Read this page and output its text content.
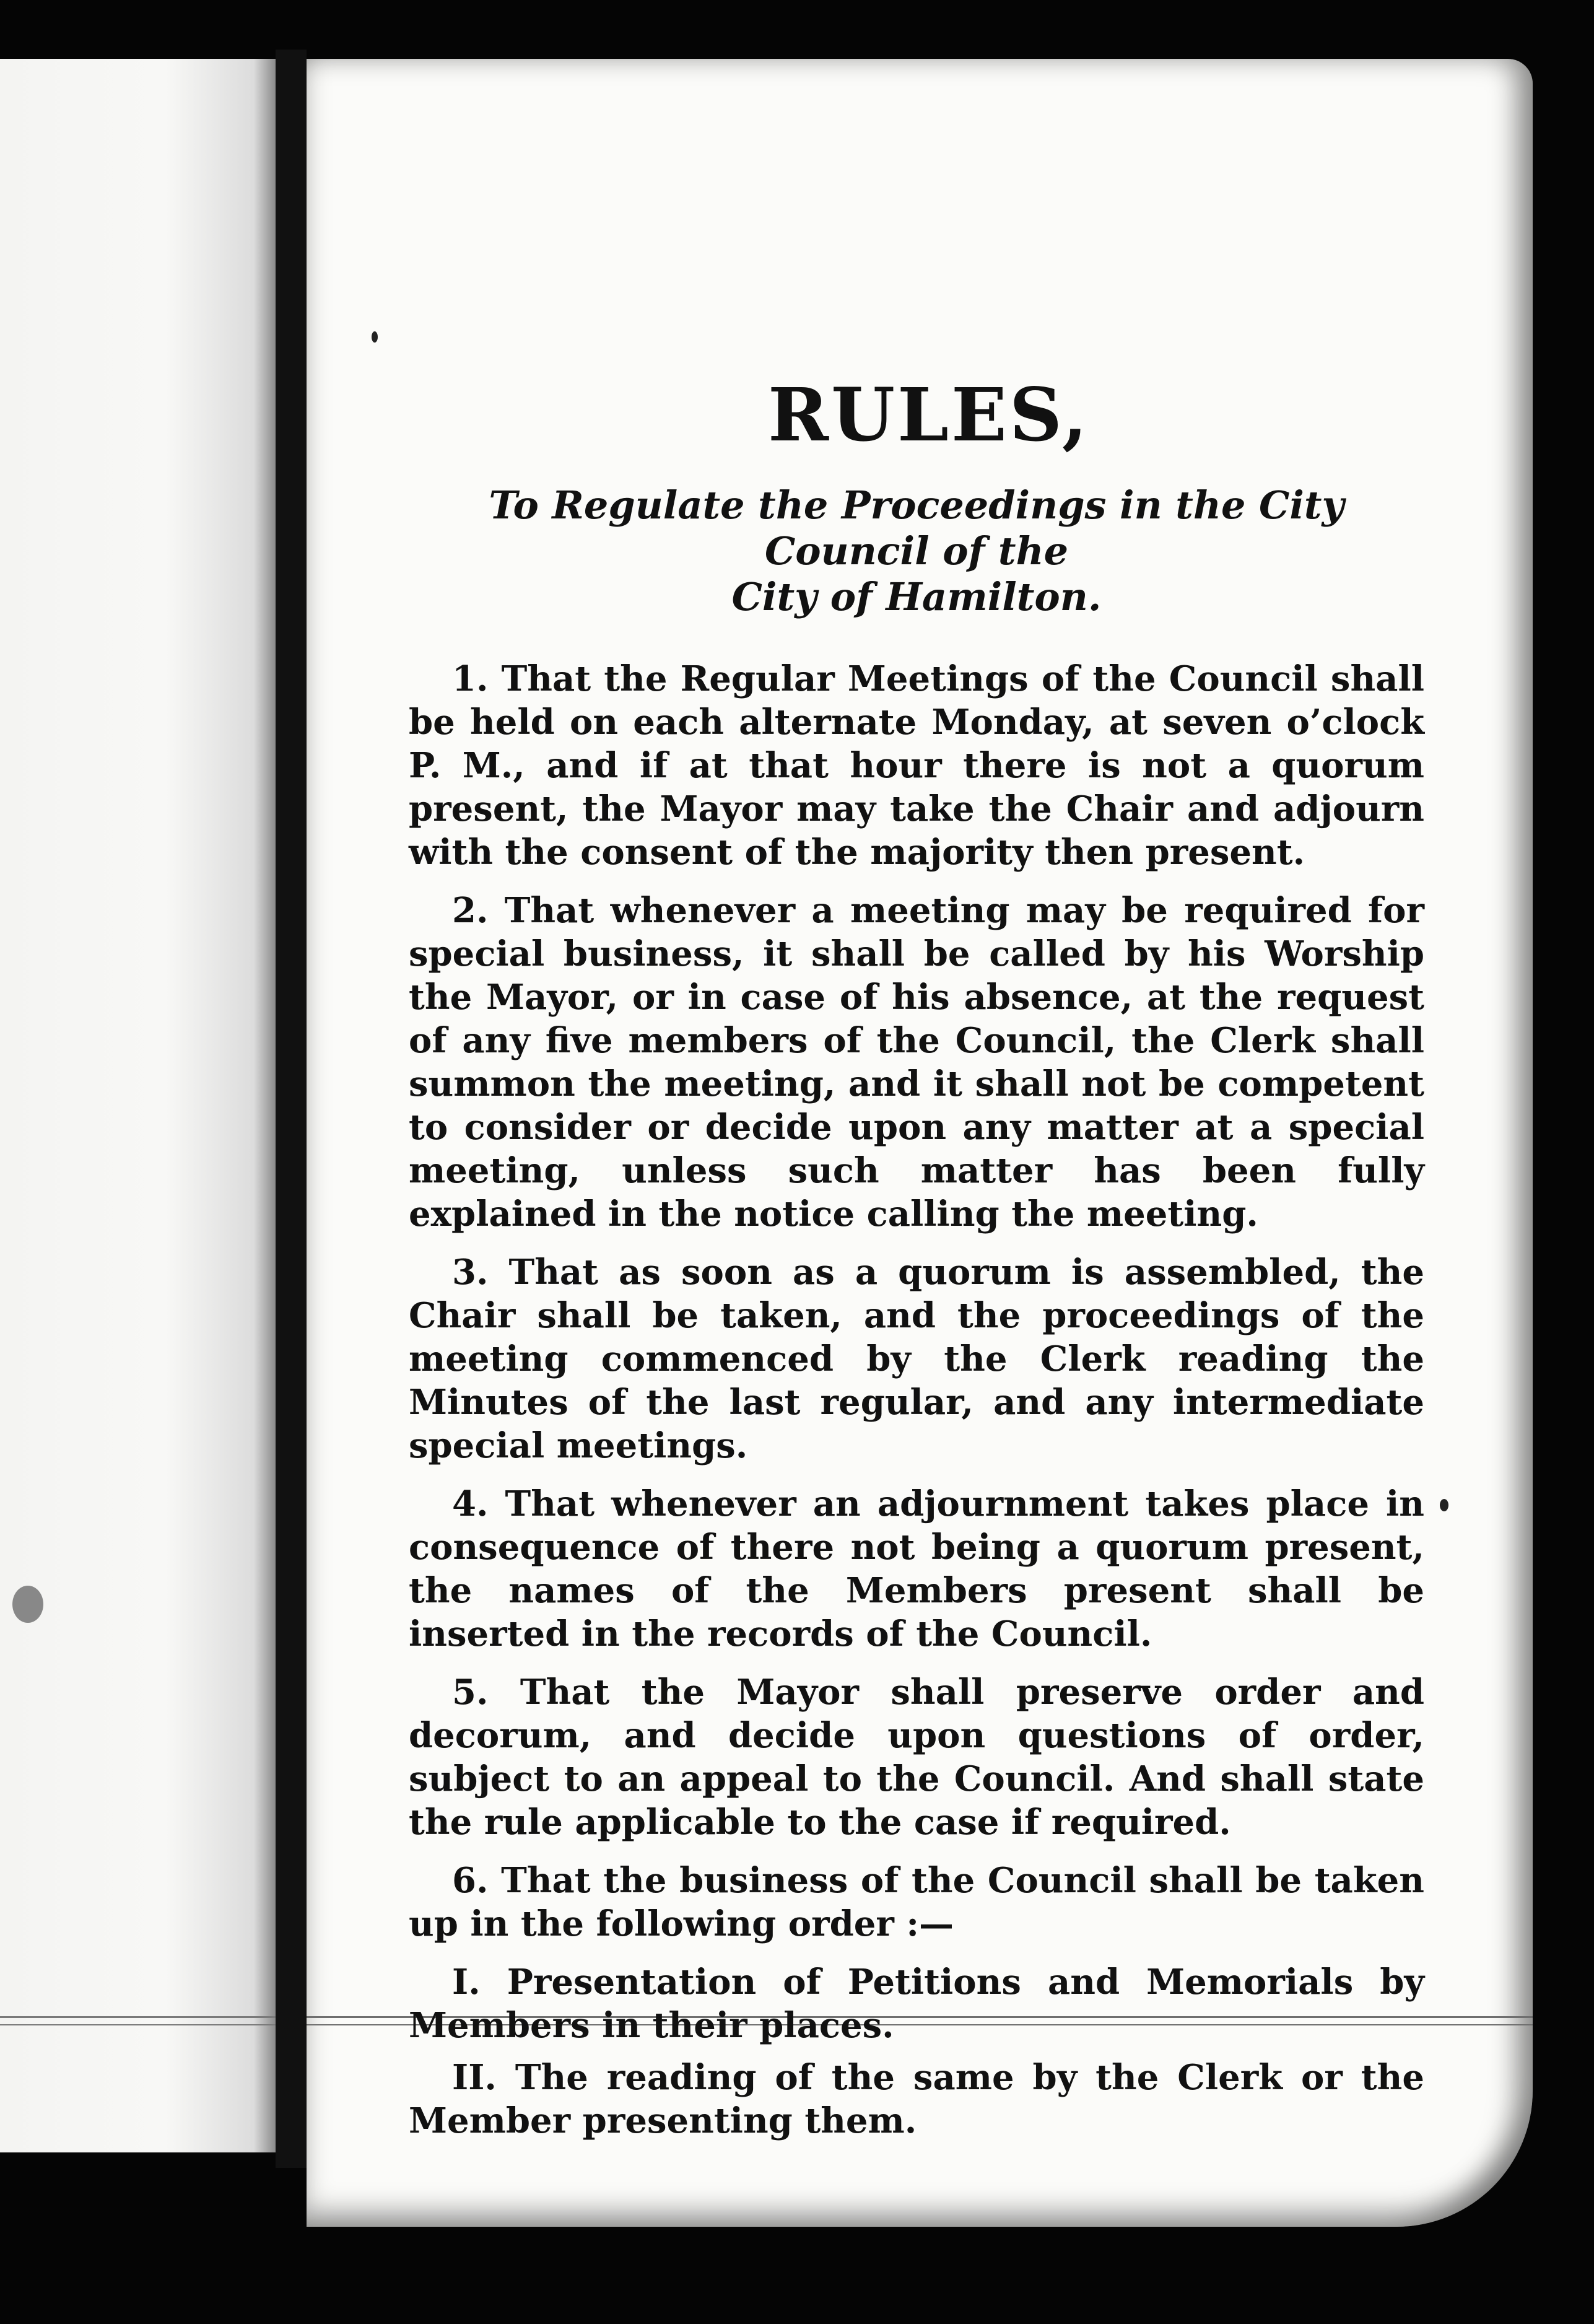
RULES,
To Regulate the Proceedings in the City Council of the
City of Hamilton.

1. That the Regular Meetings of the Council shall be held on each alternate Monday, at seven o’clock P. M., and if at that hour there is not a quorum present, the Mayor may take the Chair and adjourn with the consent of the majority then present.

2. That whenever a meeting may be required for special business, it shall be called by his Worship the Mayor, or in case of his absence, at the request of any five members of the Council, the Clerk shall summon the meeting, and it shall not be competent to consider or decide upon any matter at a special meeting, unless such matter has been fully explained in the notice calling the meeting.

3. That as soon as a quorum is assembled, the Chair shall be taken, and the proceedings of the meeting commenced by the Clerk reading the Minutes of the last regular, and any intermediate special meetings.

4. That whenever an adjournment takes place in consequence of there not being a quorum present, the names of the Members present shall be inserted in the records of the Council.

5. That the Mayor shall preserve order and decorum, and decide upon questions of order, subject to an appeal to the Council. And shall state the rule applicable to the case if required.

6. That the business of the Council shall be taken up in the following order :—

I. Presentation of Petitions and Memorials by Members in their places.

II. The reading of the same by the Clerk or the Member presenting them.
